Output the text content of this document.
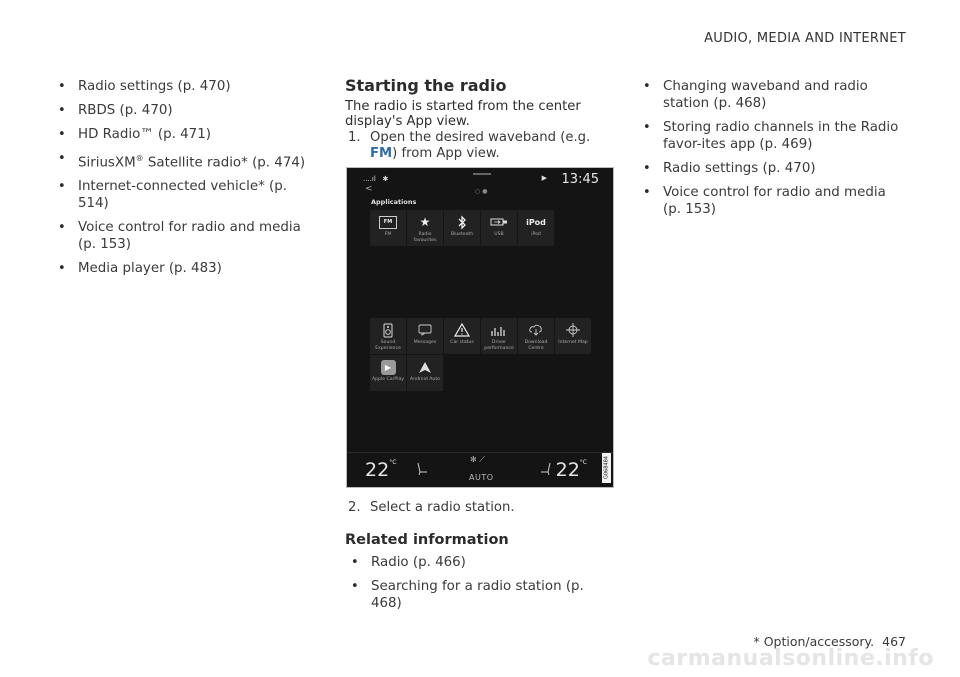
AUDIO, MEDIA AND INTERNET
• Radio settings (p. 470)
• RBDS (p. 470)
• HD Radio™ (p. 471)
• SiriusXM® Satellite radio* (p. 474)
• Internet-connected vehicle* (p. 514)
• Voice control for radio and media (p. 153)
• Media player (p. 483)
Starting the radio
The radio is started from the center display's App view.
1. Open the desired waveband (e.g. FM) from App view.
....ıl   ✱	▶ 13:45
<	○●
Applications
FM
FM
★
Radio favourites
Bluetooth	USB
iPod
iPod
Sound Experience
Messages	Car status	Driver performance
Download Centre
Internet Map
▶
Apple CarPlay Android Auto
$22^{^\circ C}$	✻ ⟋
AUTO	$22^{^\circ C}$	G068484
2. Select a radio station.
Related information
• Radio (p. 466)
• Searching for a radio station (p. 468)
• Changing waveband and radio station (p. 468)
• Storing radio channels in the Radio favor-ites app (p. 469)
• Radio settings (p. 470)
• Voice control for radio and media (p. 153)
* Option/accessory. 467
carmanualsonline.info
